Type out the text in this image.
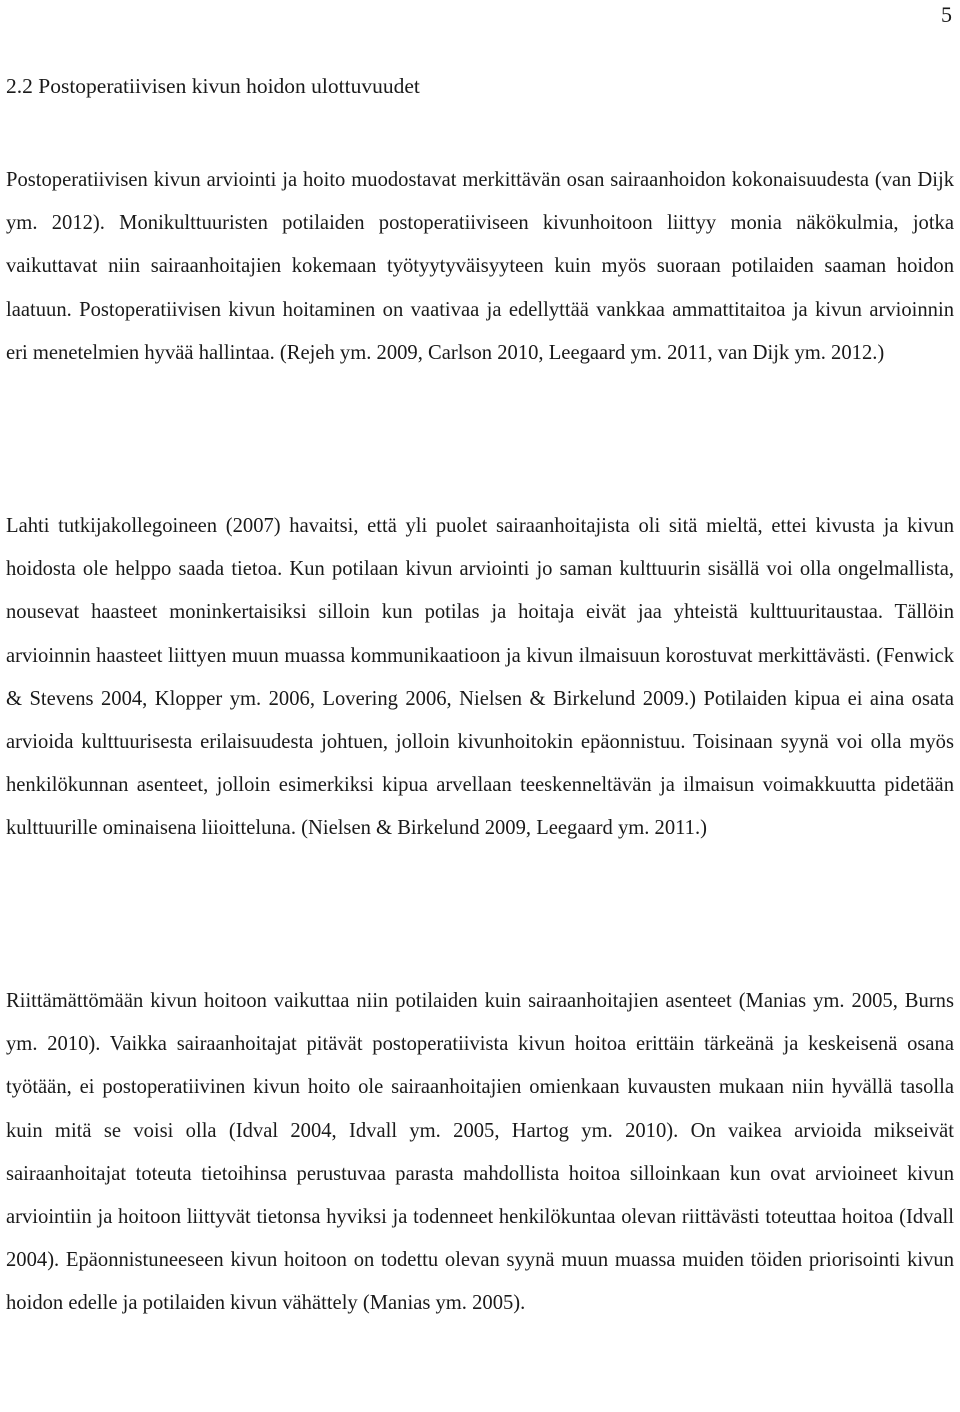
5
2.2 Postoperatiivisen kivun hoidon ulottuvuudet

Postoperatiivisen kivun arviointi ja hoito muodostavat merkittävän osan sairaanhoidon kokonaisuudesta (van Dijk ym. 2012). Monikulttuuristen potilaiden postoperatiiviseen kivunhoitoon liittyy monia näkökulmia, jotka vaikuttavat niin sairaanhoitajien kokemaan työtyytyväisyyteen kuin myös suoraan potilaiden saaman hoidon laatuun. Postoperatiivisen kivun hoitaminen on vaativaa ja edellyttää vankkaa ammattitaitoa ja kivun arvioinnin eri menetelmien hyvää hallintaa. (Rejeh ym. 2009, Carlson 2010, Leegaard ym. 2011, van Dijk ym. 2012.)

Lahti tutkijakollegoineen (2007) havaitsi, että yli puolet sairaanhoitajista oli sitä mieltä, ettei kivusta ja kivun hoidosta ole helppo saada tietoa. Kun potilaan kivun arviointi jo saman kulttuurin sisällä voi olla ongelmallista, nousevat haasteet moninkertaisiksi silloin kun potilas ja hoitaja eivät jaa yhteistä kulttuuritaustaa. Tällöin arvioinnin haasteet liittyen muun muassa kommunikaatioon ja kivun ilmaisuun korostuvat merkittävästi. (Fenwick & Stevens 2004, Klopper ym. 2006, Lovering 2006, Nielsen & Birkelund 2009.) Potilaiden kipua ei aina osata arvioida kulttuurisesta erilaisuudesta johtuen, jolloin kivunhoitokin epäonnistuu. Toisinaan syynä voi olla myös henkilökunnan asenteet, jolloin esimerkiksi kipua arvellaan teeskenneltävän ja ilmaisun voimakkuutta pidetään kulttuurille ominaisena liioitteluna. (Nielsen & Birkelund 2009, Leegaard ym. 2011.)

Riittämättömään kivun hoitoon vaikuttaa niin potilaiden kuin sairaanhoitajien asenteet (Manias ym. 2005, Burns ym. 2010). Vaikka sairaanhoitajat pitävät postoperatiivista kivun hoitoa erittäin tärkeänä ja keskeisenä osana työtään, ei postoperatiivinen kivun hoito ole sairaanhoitajien omienkaan kuvausten mukaan niin hyvällä tasolla kuin mitä se voisi olla (Idval 2004, Idvall ym. 2005, Hartog ym. 2010). On vaikea arvioida mikseivät sairaanhoitajat toteuta tietoihinsa perustuvaa parasta mahdollista hoitoa silloinkaan kun ovat arvioineet kivun arviointiin ja hoitoon liittyvät tietonsa hyviksi ja todenneet henkilökuntaa olevan riittävästi toteuttaa hoitoa (Idvall 2004). Epäonnistuneeseen kivun hoitoon on todettu olevan syynä muun muassa muiden töiden priorisointi kivun hoidon edelle ja potilaiden kivun vähättely (Manias ym. 2005).
